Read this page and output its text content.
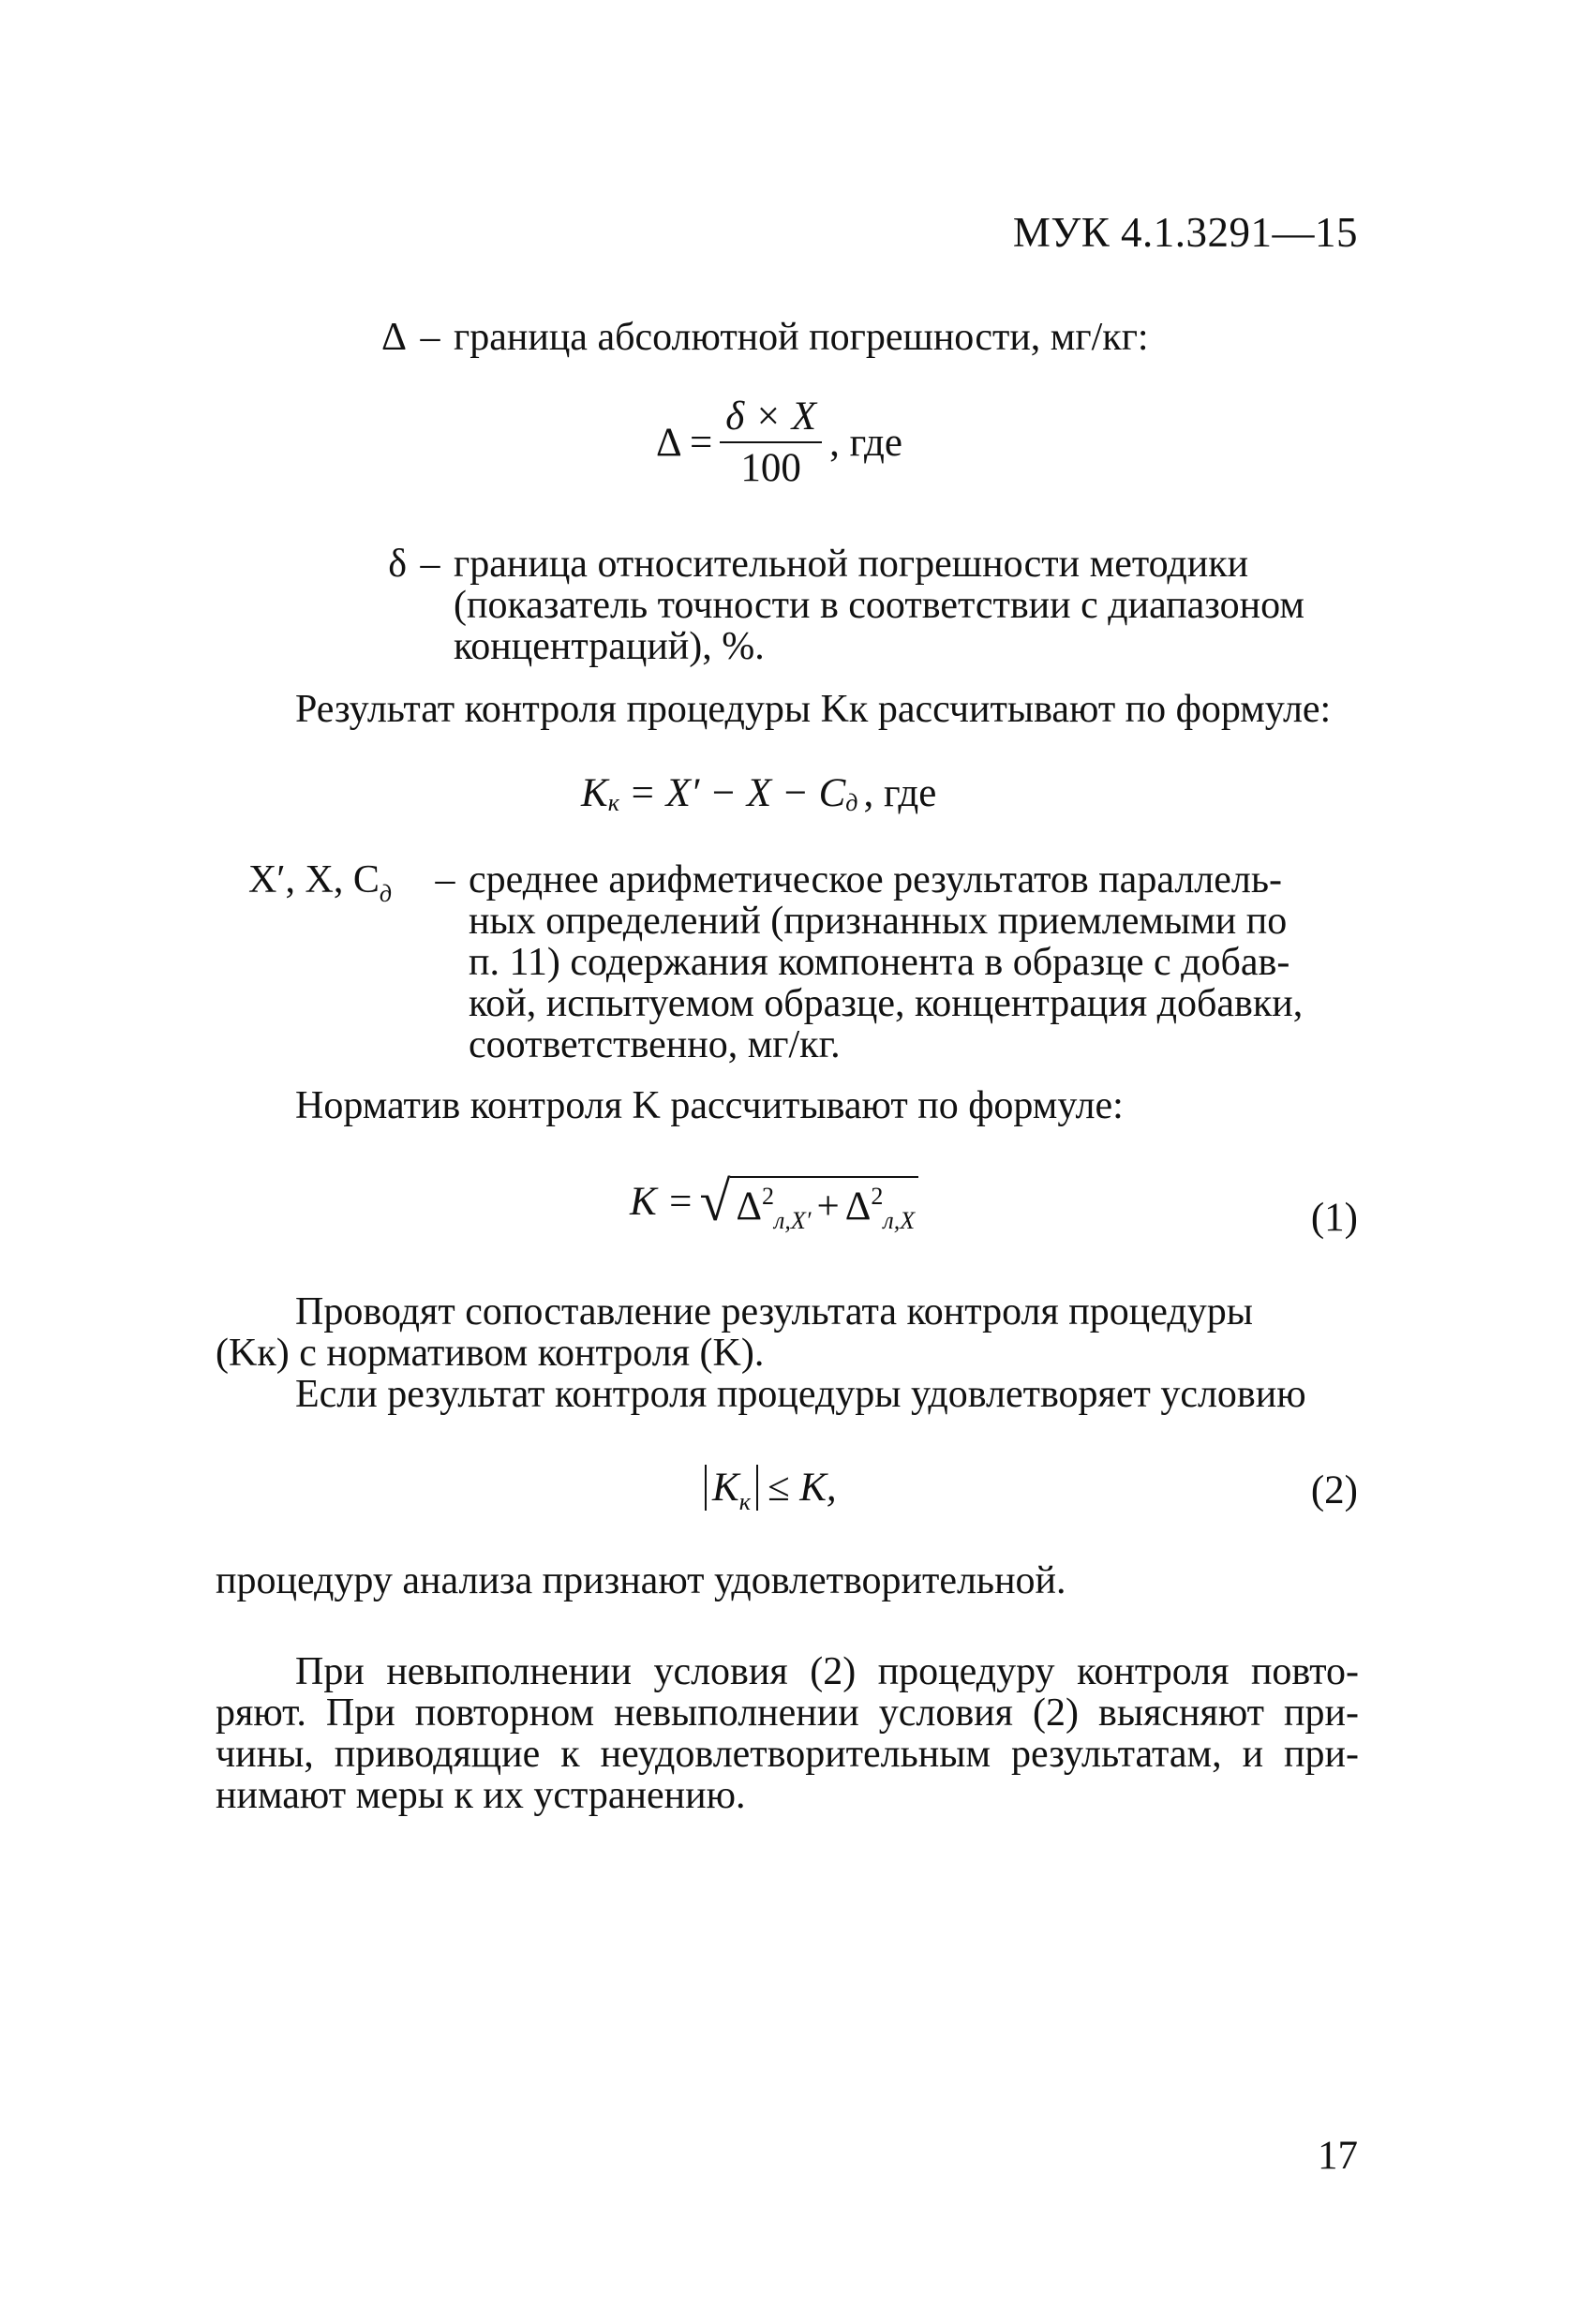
МУК 4.1.3291—15
Δ – граница абсолютной погрешности, мг/кг:
$\Delta = \frac{\delta \times X}{100}$ , где
δ – граница относительной погрешности методики
(показатель точности в соответствии с диапазоном
концентраций), %.
Результат контроля процедуры Kк рассчитывают по формуле:
K к = X′ − X − C д , где
X′, X, $C_д$	– среднее арифметическое результатов параллель-
ных определений (признанных приемлемыми по
п. 11) содержания компонента в образце с добав-
кой, испытуемом образце, концентрация добавки,
соответственно, мг/кг.
Норматив контроля K рассчитывают по формуле:
K = √ Δ 2
л,X′ + Δ 2
л,X	(1)
Проводят сопоставление результата контроля процедуры
(Kк) с нормативом контроля (K).
Если результат контроля процедуры удовлетворяет условию
$K_к \le K$,	(2)
процедуру анализа признают удовлетворительной.
При невыполнении условия (2) процедуру контроля повто-
ряют. При повторном невыполнении условия (2) выясняют при-
чины, приводящие к неудовлетворительным результатам, и при-
нимают меры к их устранению.
17
